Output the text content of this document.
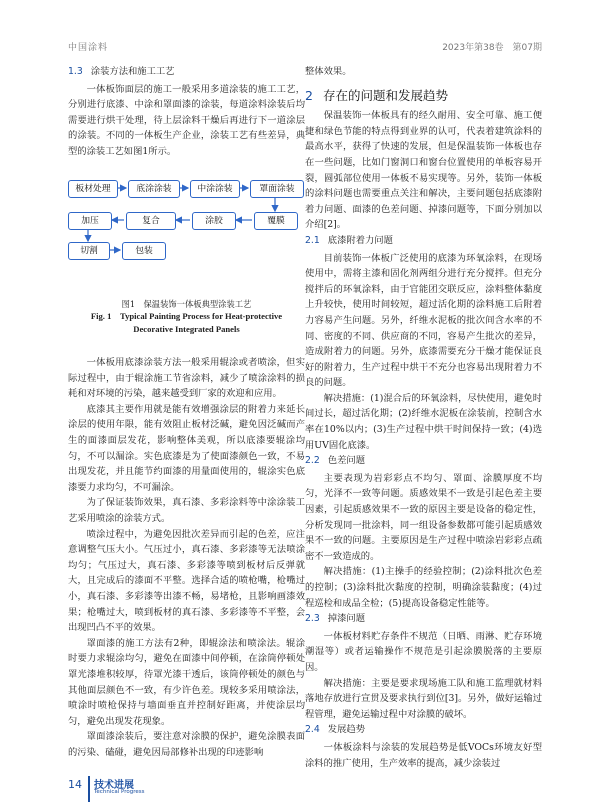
中国涂料	2023年第38卷　第07期
1.3 涂装方法和施工工艺

一体板饰面层的施工一般采用多道涂装的施工工艺，分别进行底漆、中涂和罩面漆的涂装，每道涂料涂装后均需要进行烘干处理，待上层涂料干燥后再进行下一道涂层的涂装。不同的一体板生产企业，涂装工艺有些差异，典型的涂装工艺如图1所示。

板材处理	底涂涂装	中涂涂装	罩面涂装
加压	复合	涂胶	覆膜
切割	包装
图1　保温装饰一体板典型涂装工艺
Fig. 1　Typical Painting Process for Heat-protective
Decorative Integrated Panels

一体板用底漆涂装方法一般采用辊涂或者喷涂，但实际过程中，由于辊涂施工节省涂料，减少了喷涂涂料的损耗和对环境的污染，越来越受到厂家的欢迎和应用。

底漆其主要作用就是能有效增强涂层的附着力来延长涂层的使用年限，能有效阻止板材泛碱，避免因泛碱而产生的面漆面层发花，影响整体美观，所以底漆要辊涂均匀，不可以漏涂。实色底漆是为了使面漆颜色一致，不易出现发花，并且能节约面漆的用量面使用的，辊涂实色底漆要力求均匀，不可漏涂。

为了保证装饰效果，真石漆、多彩涂料等中涂涂装工艺采用喷涂的涂装方式。

喷涂过程中，为避免因批次差异而引起的色差，应注意调整气压大小。气压过小，真石漆、多彩漆等无法喷涂均匀；气压过大，真石漆、多彩漆等喷到板材后反弹就大，且完成后的漆面不平整。选择合适的喷枪嘴，枪嘴过小，真石漆、多彩漆等出漆不畅，易堵枪，且影响画漆效果；枪嘴过大，喷到板材的真石漆、多彩漆等不平整，会出现凹凸不平的效果。

罩面漆的施工方法有2种，即辊涂法和喷涂法。辊涂时要力求辊涂均匀，避免在面漆中间停顿，在涂筒停顿处罩光漆堆积较厚，待罩光漆干透后，该筒停顿处的颜色与其他面层颜色不一致，有少许色差。现较多采用喷涂法，喷涂时喷枪保持与墙面垂直并控制好距离，并使涂层均匀，避免出现发花现象。

罩面漆涂装后，要注意对涂膜的保护，避免涂膜表面的污染、磕碰，避免因局部修补出现的印迹影响

整体效果。

2 存在的问题和发展趋势

保温装饰一体板具有的经久耐用、安全可靠、施工便捷和绿色节能的特点得到业界的认可，代表着建筑涂料的最高水平，获得了快速的发展，但是保温装饰一体板也存在一些问题，比如门窗洞口和窗台位置使用的单板容易开裂，圆弧部位使用一体板不易实现等。另外，装饰一体板的涂料问题也需要重点关注和解决，主要问题包括底漆附着力问题、面漆的色差问题、掉漆问题等，下面分别加以介绍[2]。

2.1 底漆附着力问题

目前装饰一体板广泛使用的底漆为环氧涂料，在现场使用中，需将主漆和固化剂两组分进行充分搅拌。但充分搅拌后的环氧涂料，由于官能团交联反应，涂料整体黏度上升较快，使用时间较短，超过活化期的涂料施工后附着力容易产生问题。另外，纤维水泥板的批次间含水率的不同、密度的不同、供应商的不同，容易产生批次的差异，造成附着力的问题。另外，底漆需要充分干燥才能保证良好的附着力，生产过程中烘干不充分也容易出现附着力不良的问题。

解决措施：(1)混合后的环氧涂料，尽快使用，避免时间过长，超过活化期；(2)纤维水泥板在涂装前，控制含水率在10%以内；(3)生产过程中烘干时间保持一致；(4)选用UV固化底漆。

2.2 色差问题

主要表现为岩彩彩点不均匀、罩面、涂膜厚度不均匀，光泽不一致等问题。质感效果不一致是引起色差主要因素，引起质感效果不一致的原因主要是设备的稳定性，分析发现同一批涂料，同一组设备参数都可能引起质感效果不一致的问题。主要原因是生产过程中喷涂岩彩彩点疏密不一致造成的。

解决措施：(1)主操手的经验控制；(2)涂料批次色差的控制；(3)涂料批次黏度的控制，明确涂装黏度；(4)过程巡检和成品全检；(5)提高设备稳定性能等。

2.3 掉漆问题

一体板材料贮存条件不规范（日晒、雨淋、贮存环境潮湿等）或者运输操作不规范是引起涂膜脱落的主要原因。

解决措施：主要是要求现场施工队和施工监理就材料落地存放进行宣贯及要求执行到位[3]。另外，做好运输过程管理，避免运输过程中对涂膜的破坏。

2.4 发展趋势

一体板涂料与涂装的发展趋势是低VOCs环境友好型涂料的推广使用，生产效率的提高，减少涂装过

14 技术进展
Technical Progress
